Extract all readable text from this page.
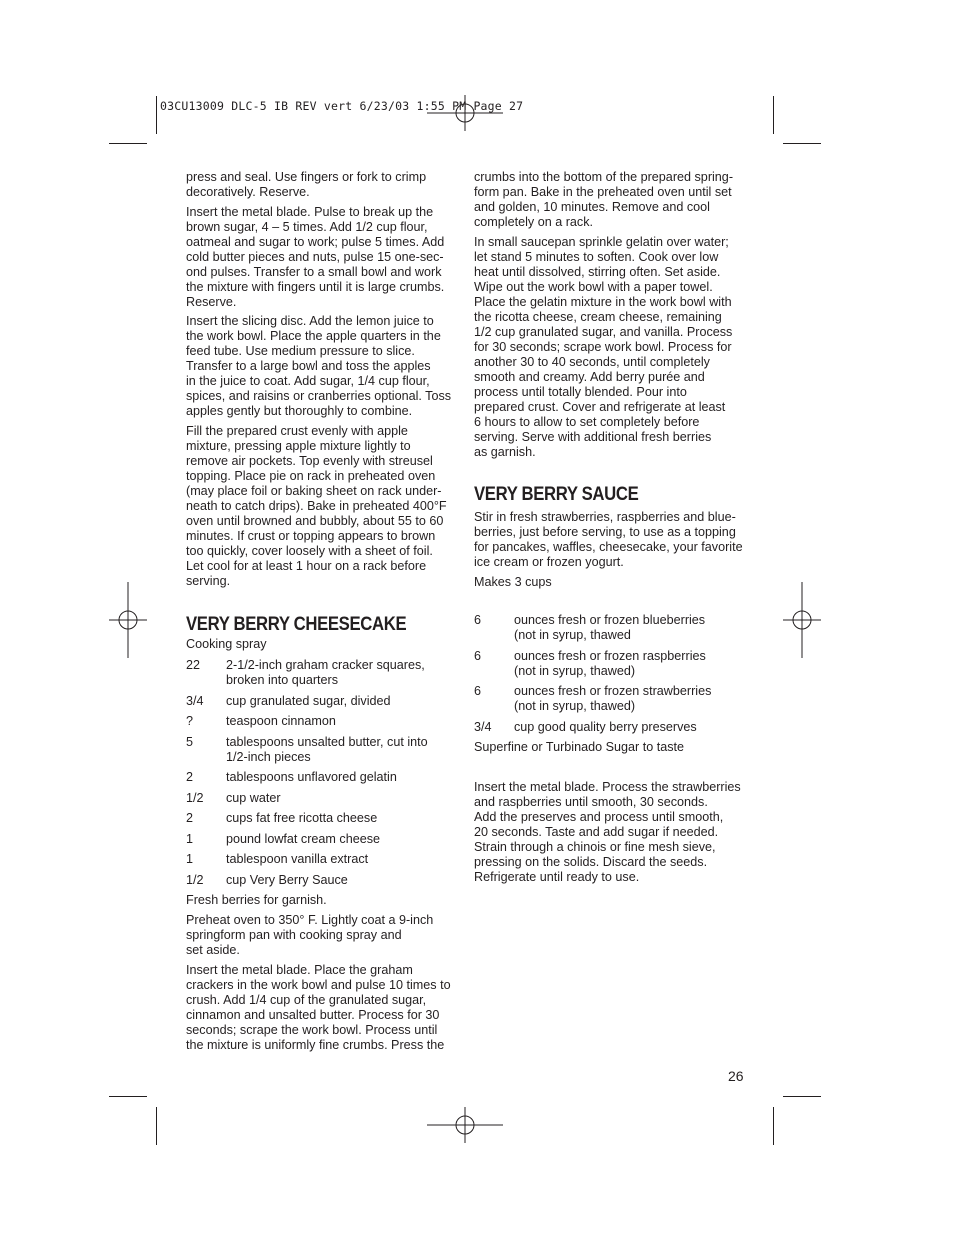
03CU13009 DLC-5 IB REV vert 6/23/03 1:55 PM Page 27

press and seal. Use fingers or fork to crimp
decoratively. Reserve.

Insert the metal blade. Pulse to break up the
brown sugar, 4 – 5 times. Add 1/2 cup flour,
oatmeal and sugar to work; pulse 5 times. Add
cold butter pieces and nuts, pulse 15 one-sec-
ond pulses. Transfer to a small bowl and work
the mixture with fingers until it is large crumbs.
Reserve.

Insert the slicing disc. Add the lemon juice to
the work bowl. Place the apple quarters in the
feed tube. Use medium pressure to slice.
Transfer to a large bowl and toss the apples
in the juice to coat. Add sugar, 1/4 cup flour,
spices, and raisins or cranberries optional. Toss
apples gently but thoroughly to combine.

Fill the prepared crust evenly with apple
mixture, pressing apple mixture lightly to
remove air pockets. Top evenly with streusel
topping. Place pie on rack in preheated oven
(may place foil or baking sheet on rack under-
neath to catch drips). Bake in preheated 400°F
oven until browned and bubbly, about 55 to 60
minutes. If crust or topping appears to brown
too quickly, cover loosely with a sheet of foil.
Let cool for at least 1 hour on a rack before
serving.

VERY BERRY CHEESECAKE

Cooking spray

22	2-1/2-inch graham cracker squares,
broken into quarters
3/4	cup granulated sugar, divided
?	teaspoon cinnamon
5	tablespoons unsalted butter, cut into
1/2-inch pieces
2	tablespoons unflavored gelatin
1/2	cup water
2	cups fat free ricotta cheese
1	pound lowfat cream cheese
1	tablespoon vanilla extract
1/2	cup Very Berry Sauce

Fresh berries for garnish.

Preheat oven to 350° F. Lightly coat a 9-inch
springform pan with cooking spray and
set aside.

Insert the metal blade. Place the graham
crackers in the work bowl and pulse 10 times to
crush. Add 1/4 cup of the granulated sugar,
cinnamon and unsalted butter. Process for 30
seconds; scrape the work bowl. Process until
the mixture is uniformly fine crumbs. Press the

crumbs into the bottom of the prepared spring-
form pan. Bake in the preheated oven until set
and golden, 10 minutes. Remove and cool
completely on a rack.

In small saucepan sprinkle gelatin over water;
let stand 5 minutes to soften. Cook over low
heat until dissolved, stirring often. Set aside.
Wipe out the work bowl with a paper towel.
Place the gelatin mixture in the work bowl with
the ricotta cheese, cream cheese, remaining
1/2 cup granulated sugar, and vanilla. Process
for 30 seconds; scrape work bowl. Process for
another 30 to 40 seconds, until completely
smooth and creamy. Add berry purée and
process until totally blended. Pour into
prepared crust. Cover and refrigerate at least
6 hours to allow to set completely before
serving. Serve with additional fresh berries
as garnish.

VERY BERRY SAUCE

Stir in fresh strawberries, raspberries and blue-
berries, just before serving, to use as a topping
for pancakes, waffles, cheesecake, your favorite
ice cream or frozen yogurt.

Makes 3 cups

6	ounces fresh or frozen blueberries
(not in syrup, thawed
6	ounces fresh or frozen raspberries
(not in syrup, thawed)
6	ounces fresh or frozen strawberries
(not in syrup, thawed)
3/4	cup good quality berry preserves

Superfine or Turbinado Sugar to taste

Insert the metal blade. Process the strawberries
and raspberries until smooth, 30 seconds.
Add the preserves and process until smooth,
20 seconds. Taste and add sugar if needed.
Strain through a chinois or fine mesh sieve,
pressing on the solids. Discard the seeds.
Refrigerate until ready to use.

26
